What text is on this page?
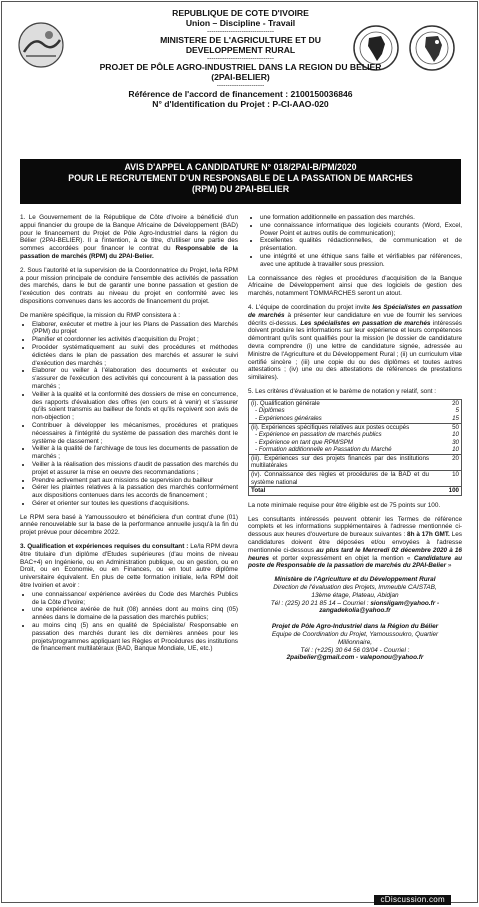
REPUBLIQUE DE COTE D'IVOIRE
Union – Discipline - Travail
-------------------------------
MINISTERE DE L'AGRICULTURE ET DU
DEVELOPPEMENT RURAL
-------------------------------
PROJET DE PÔLE AGRO-INDUSTRIEL DANS LA REGION DU BELIER
(2PAI-BELIER)
----------------------
Référence de l'accord de financement : 2100150036846
N° d'Identification du Projet : P-CI-AAO-020
AVIS D'APPEL A CANDIDATURE N° 018/2PAI-B/PM/2020
POUR LE RECRUTEMENT D'UN RESPONSABLE DE LA PASSATION DE MARCHES
(RPM) DU 2PAI-BELIER

1. Le Gouvernement de la République de Côte d'Ivoire a bénéficié d'un appui financier du groupe de la Banque Africaine de Développement (BAD) pour le financement du Projet de Pôle Agro-Industriel dans la région du Bélier (2PAI-BELIER). Il a l'intention, à ce titre, d'utiliser une partie des sommes accordées pour financer le contrat du Responsable de la passation de marchés (RPM) du 2PAI-Belier.

2. Sous l'autorité et la supervision de la Coordonnatrice du Projet, le/la RPM a pour mission principale de conduire l'ensemble des activités de passation des marchés, dans le but de garantir une bonne passation et gestion de l'exécution des contrats au niveau du projet en conformité avec les dispositions convenues dans les accords de financement du projet.

De manière spécifique, la mission du RMP consistera à :

• Elaborer, exécuter et mettre à jour les Plans de Passation des Marchés (PPM) du projet
• Planifier et coordonner les activités d'acquisition du Projet ;
• Procéder systématiquement au suivi des procédures et méthodes édictées dans le plan de passation des marchés et assurer le suivi d'exécution des marchés ;
• Elaborer ou veiller à l'élaboration des documents et exécuter ou s'assurer de l'exécution des activités qui concourent à la passation des marchés ;
• Veiller à la qualité et la conformité des dossiers de mise en concurrence, des rapports d'évaluation des offres (en cours et à venir) et s'assurer qu'ils soient transmis au bailleur de fonds et qu'ils reçoivent son avis de non-objection ;
• Contribuer à développer les mécanismes, procédures et pratiques nécessaires à l'intégrité du système de passation des marchés dont le système de classement ;
• Veiller à la qualité de l'archivage de tous les documents de passation de marchés ;
• Veiller à la réalisation des missions d'audit de passation des marchés du projet et assurer la mise en oeuvre des recommandations ;
• Prendre activement part aux missions de supervision du bailleur
• Gérer les plaintes relatives à la passation des marchés conformément aux dispositions contenues dans les accords de financement ;
• Gérer et orienter sur toutes les questions d'acquisitions.

Le RPM sera basé à Yamoussoukro et bénéficiera d'un contrat d'une (01) année renouvelable sur la base de la performance annuelle jusqu'à la fin du projet prévue pour décembre 2022.

3. Qualification et expériences requises du consultant : Le/la RPM devra être titulaire d'un diplôme d'Etudes supérieures (d'au moins de niveau BAC+4) en Ingénierie, ou en Administration publique, ou en gestion, ou en Droit, ou en Economie, ou en Finances, ou en tout autre diplôme universitaire équivalent. En plus de cette formation initiale, le/la RPM doit être Ivoirien et avoir :

• une connaissance/ expérience avérées du Code des Marchés Publics de la Côte d'Ivoire;
• une expérience avérée de huit (08) années dont au moins cinq (05) années dans le domaine de la passation des marchés publics;
• au moins cinq (5) ans en qualité de Spécialiste/ Responsable en passation des marchés durant les dix dernières années pour les projets/programmes appliquant les Règles et Procédures des institutions de financement multilatéraux (BAD, Banque Mondiale, UE, etc.)
• une formation additionnelle en passation des marchés.
• une connaissance informatique des logiciels courants (Word, Excel, Power Point et autres outils de communication);
• Excellentes qualités rédactionnelles, de communication et de présentation.
• une intégrité et une éthique sans faille et vérifiables par références, avec une aptitude à travailler sous pression.

La connaissance des règles et procédures d'acquisition de la Banque Africaine de Développement ainsi que des logiciels de gestion des marchés, notamment TOMMARCHES seront un atout.

4. L'équipe de coordination du projet invite les Spécialistes en passation de marchés à présenter leur candidature en vue de fournir les services décrits ci-dessus. Les spécialistes en passation de marchés intéressés doivent produire les informations sur leur expérience et leurs compétences démontrant qu'ils sont qualifiés pour la mission (le dossier de candidature devra comprendre (i) une lettre de candidature signée, adressée au Ministre de l'Agriculture et du Développement Rural ; (ii) un curriculum vitæ certifié sincère ; (iii) une copie du ou des diplômes et toutes autres attestations ; (iv) une ou des attestations de références de prestations similaires).

5. Les critères d'évaluation et le barème de notation y relatif, sont :

(i). Qualification générale	20
- Diplômes	5
- Expériences générales	15
(ii). Expériences spécifiques relatives aux postes occupés	50
- Expérience en passation de marchés publics	10
- Expérience en tant que RPM/SPM	30
- Formation additionnelle en Passation du Marché	10
(iii). Expériences sur des projets financés par des institutions multilatérales	20
(iv). Connaissance des règles et procédures de la BAD et du système national	10
Total	100

La note minimale requise pour être éligible est de 75 points sur 100.

Les consultants intéressés peuvent obtenir les Termes de référence complets et les informations supplémentaires à l'adresse mentionnée ci-dessous aux heures d'ouverture de bureaux suivantes : 8h à 17h GMT. Les candidatures doivent être déposées et/ou envoyées à l'adresse mentionnée ci-dessous au plus tard le Mercredi 02 décembre 2020 à 16 heures et porter expressément en objet la mention « Candidature au poste de Responsable de la passation de marchés du 2PAI-Belier »

Ministère de l'Agriculture et du Développement Rural
Direction de l'évaluation des Projets, Immeuble CAISTAB,
13ème étage, Plateau, Abidjan
Tél : (225) 20 21 85 14 – Courriel : sionsligam@yahoo.fr -
zangadekolia@yahoo.fr
Projet de Pôle Agro-Industriel dans la Région du Bélier
Equipe de Coordination du Projet, Yamoussoukro, Quartier
Millionnaire,
Tél : (+225) 30 64 56 03/04 - Courriel :
2paibelier@gmail.com - valeponou@yahoo.fr
cDiscussion.com
